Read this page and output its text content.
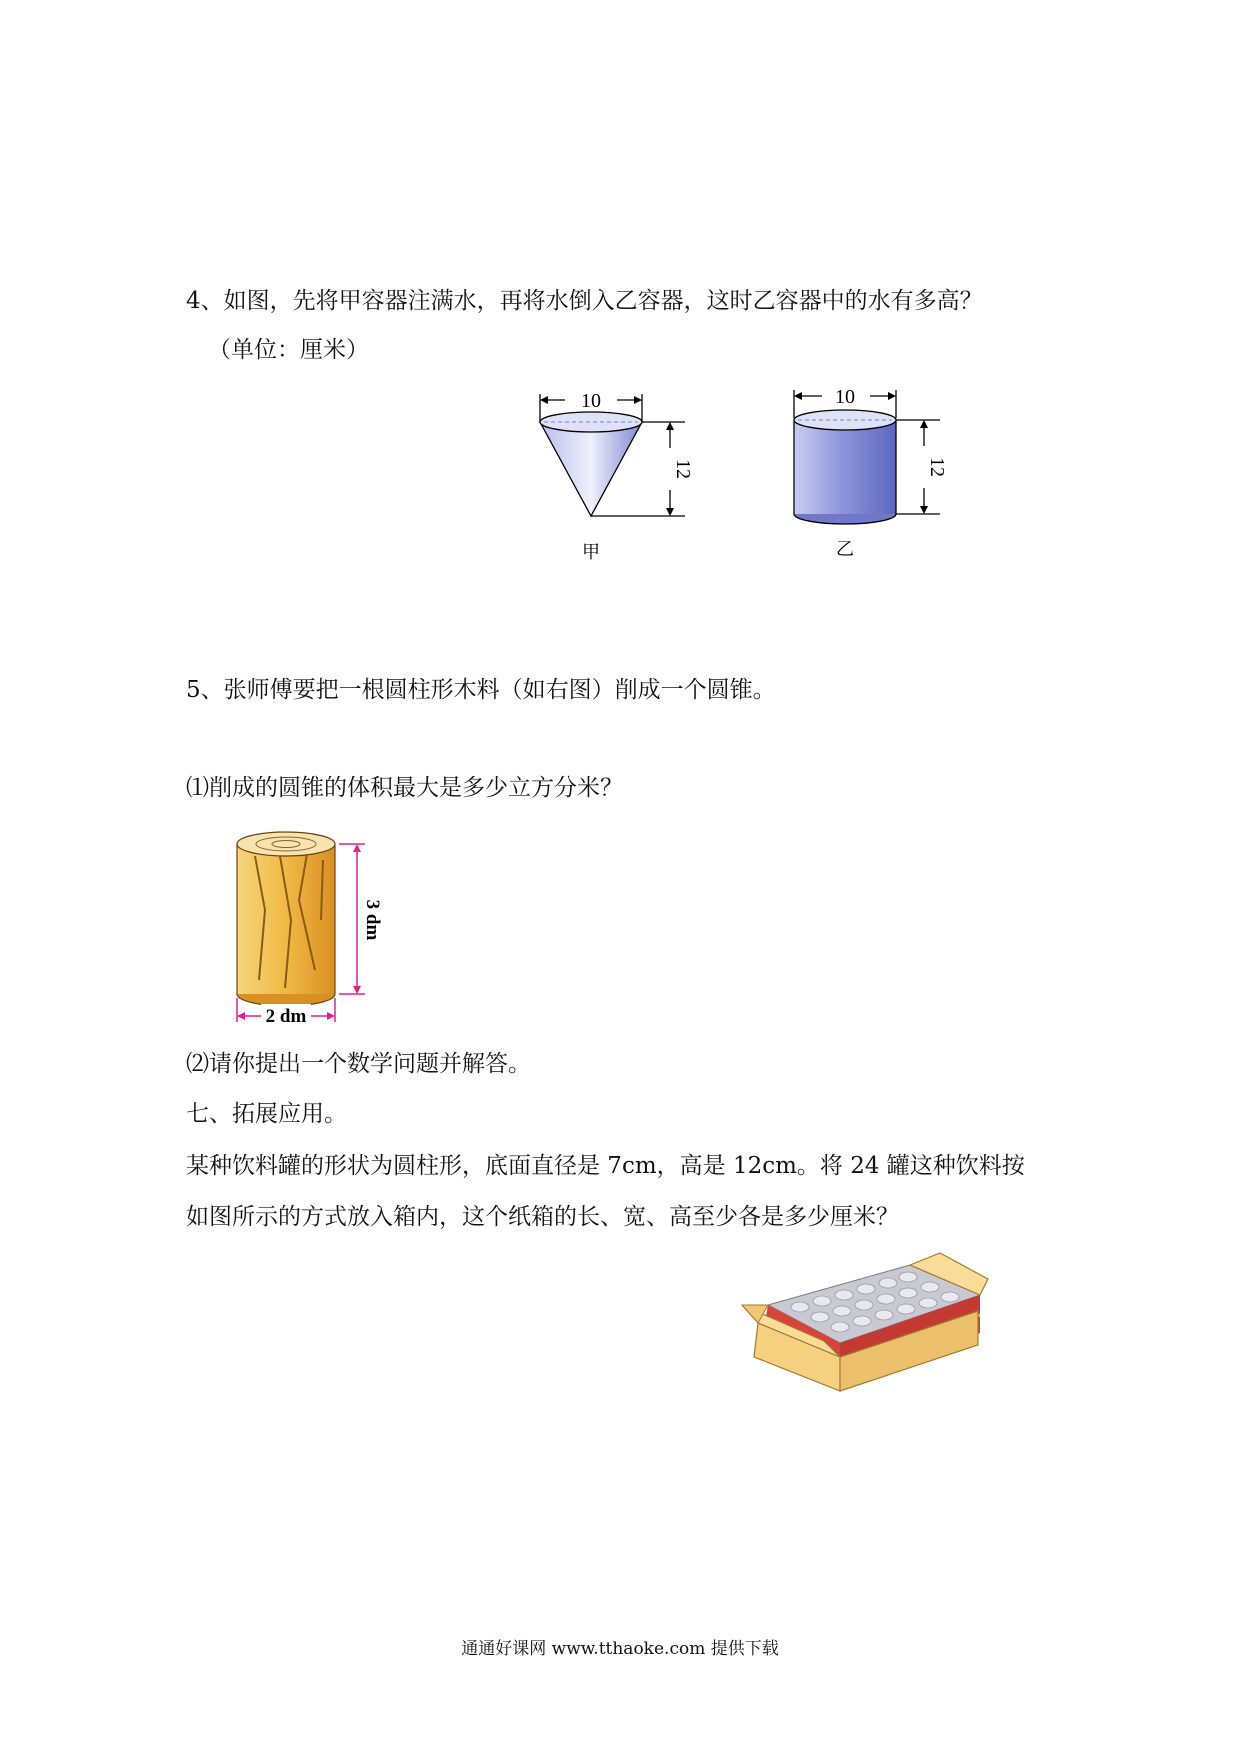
4、如图，先将甲容器注满水，再将水倒入乙容器，这时乙容器中的水有多高？
（单位：厘米）
10
12
甲
10
12
乙
5、张师傅要把一根圆柱形木料（如右图）削成一个圆锥。
⑴削成的圆锥的体积最大是多少立方分米？
3 dm
2 dm
⑵请你提出一个数学问题并解答。
七、拓展应用。
某种饮料罐的形状为圆柱形，底面直径是 7cm，高是 12cm。将 24 罐这种饮料按
如图所示的方式放入箱内，这个纸箱的长、宽、高至少各是多少厘米？
通通好课网 www.tthaoke.com 提供下载
